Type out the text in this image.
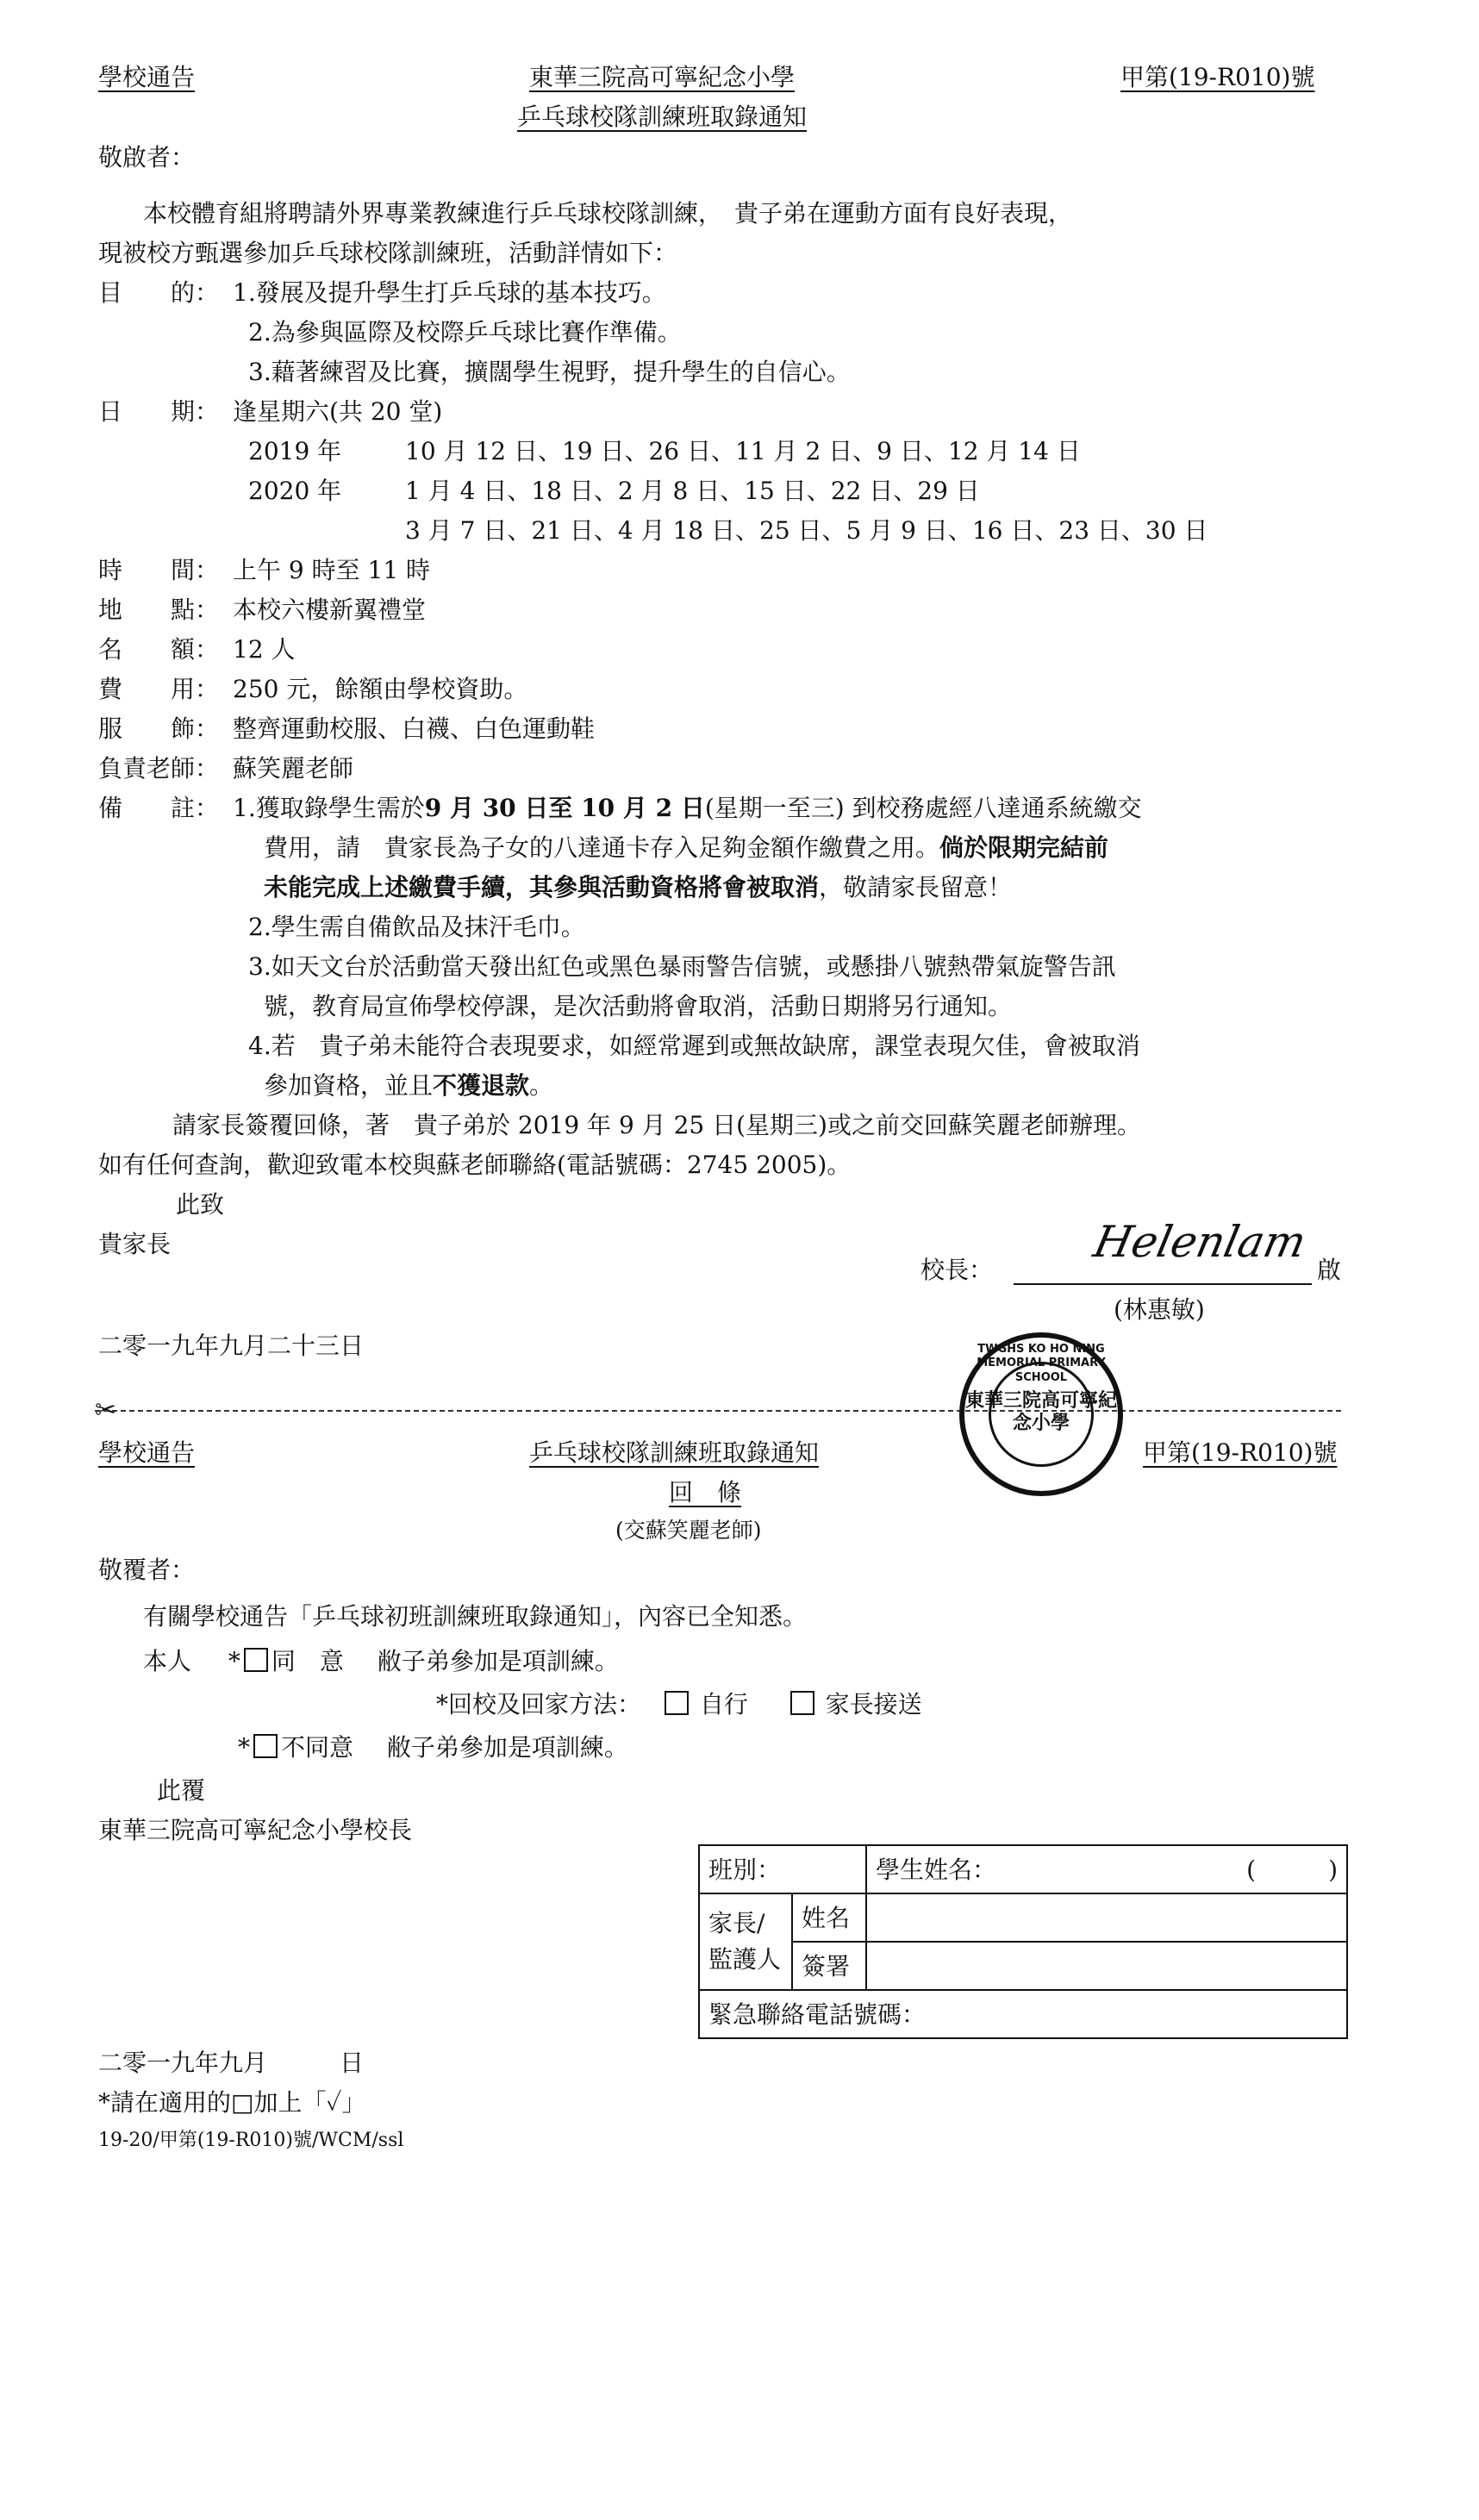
學校通告	東華三院高可寧紀念小學	甲第(19-R010)號
乒乓球校隊訓練班取錄通知
敬啟者：
本校體育組將聘請外界專業教練進行乒乓球校隊訓練，　貴子弟在運動方面有良好表現，
現被校方甄選參加乒乓球校隊訓練班，活動詳情如下：
目　　的： 1.發展及提升學生打乒乓球的基本技巧。
2.為參與區際及校際乒乓球比賽作準備。
3.藉著練習及比賽，擴闊學生視野，提升學生的自信心。
日　　期： 逢星期六(共 20 堂)
2019 年	10 月 12 日、19 日、26 日、11 月 2 日、9 日、12 月 14 日
2020 年	1 月 4 日、18 日、2 月 8 日、15 日、22 日、29 日
3 月 7 日、21 日、4 月 18 日、25 日、5 月 9 日、16 日、23 日、30 日
時　　間： 上午 9 時至 11 時
地　　點： 本校六樓新翼禮堂
名　　額： 12 人
費　　用： 250 元，餘額由學校資助。
服　　飾： 整齊運動校服、白襪、白色運動鞋
負責老師： 蘇笑麗老師
備　　註： 1.獲取錄學生需於9 月 30 日至 10 月 2 日(星期一至三) 到校務處經八達通系統繳交
費用，請　貴家長為子女的八達通卡存入足夠金額作繳費之用。倘於限期完結前
未能完成上述繳費手續，其參與活動資格將會被取消，敬請家長留意！
2.學生需自備飲品及抹汗毛巾。
3.如天文台於活動當天發出紅色或黑色暴雨警告信號，或懸掛八號熱帶氣旋警告訊
號，教育局宣佈學校停課，是次活動將會取消，活動日期將另行通知。
4.若　貴子弟未能符合表現要求，如經常遲到或無故缺席，課堂表現欠佳，會被取消
參加資格，並且不獲退款。
請家長簽覆回條，著　貴子弟於 2019 年 9 月 25 日(星期三)或之前交回蘇笑麗老師辦理。
如有任何查詢，歡迎致電本校與蘇老師聯絡(電話號碼：2745 2005)。
此致
貴家長
校長：
Helenlam
啟
(林惠敏)
二零一九年九月二十三日
✂
TWGHS KO HO NING MEMORIAL PRIMARY SCHOOL
東華三院高可寧紀念小學
學校通告	乒乓球校隊訓練班取錄通知	甲第(19-R010)號
回　條
(交蘇笑麗老師)
敬覆者：
有關學校通告「乒乓球初班訓練班取錄通知」，內容已全知悉。
本人 * 同　意 敝子弟參加是項訓練。
*回校及回家方法： 自行	家長接送
* 不同意 敝子弟參加是項訓練。
此覆
東華三院高可寧紀念小學校長
班別：		學生姓名： (　　　)

家長/監護人	姓名	
	簽署	
緊急聯絡電話號碼：		
二零一九年九月　　　日
*請在適用的□加上「✓」
19-20/甲第(19-R010)號/WCM/ssl
